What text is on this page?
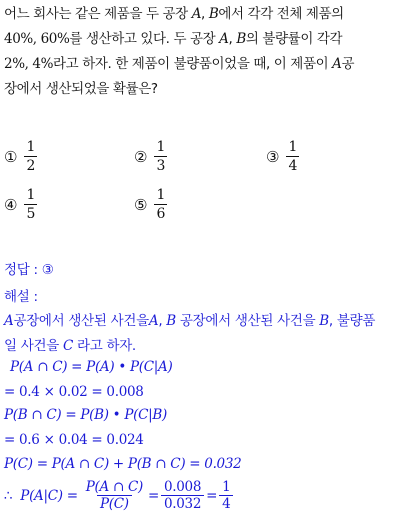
어느 회사는 같은 제품을 두 공장 A, B에서 각각 전체 제품의
40%, 60%를 생산하고 있다. 두 공장 A, B의 불량률이 각각
2%, 4%라고 하자. 한 제품이 불량품이었을 때, 이 제품이 A공
장에서 생산되었을 확률은?
① $\frac{1}{2}$	② $\frac{1}{3}$	③ $\frac{1}{4}$
④ $\frac{1}{5}$	⑤ $\frac{1}{6}$
정답 : ③
해설 :
A공장에서 생산된 사건을A, B 공장에서 생산된 사건을 B, 불량품
일 사건을 C 라고 하자.
P(A ∩ C) = P(A) • P(C|A)
= 0.4 × 0.02 = 0.008
P(B ∩ C) = P(B) • P(C|B)
= 0.6 × 0.04 = 0.024
P(C) = P(A ∩ C) + P(B ∩ C) = 0.032
∴ $P(A|C) = \frac{P(A \cap C)}{P(C)} = \frac{0.008}{0.032} = \frac{1}{4}$
